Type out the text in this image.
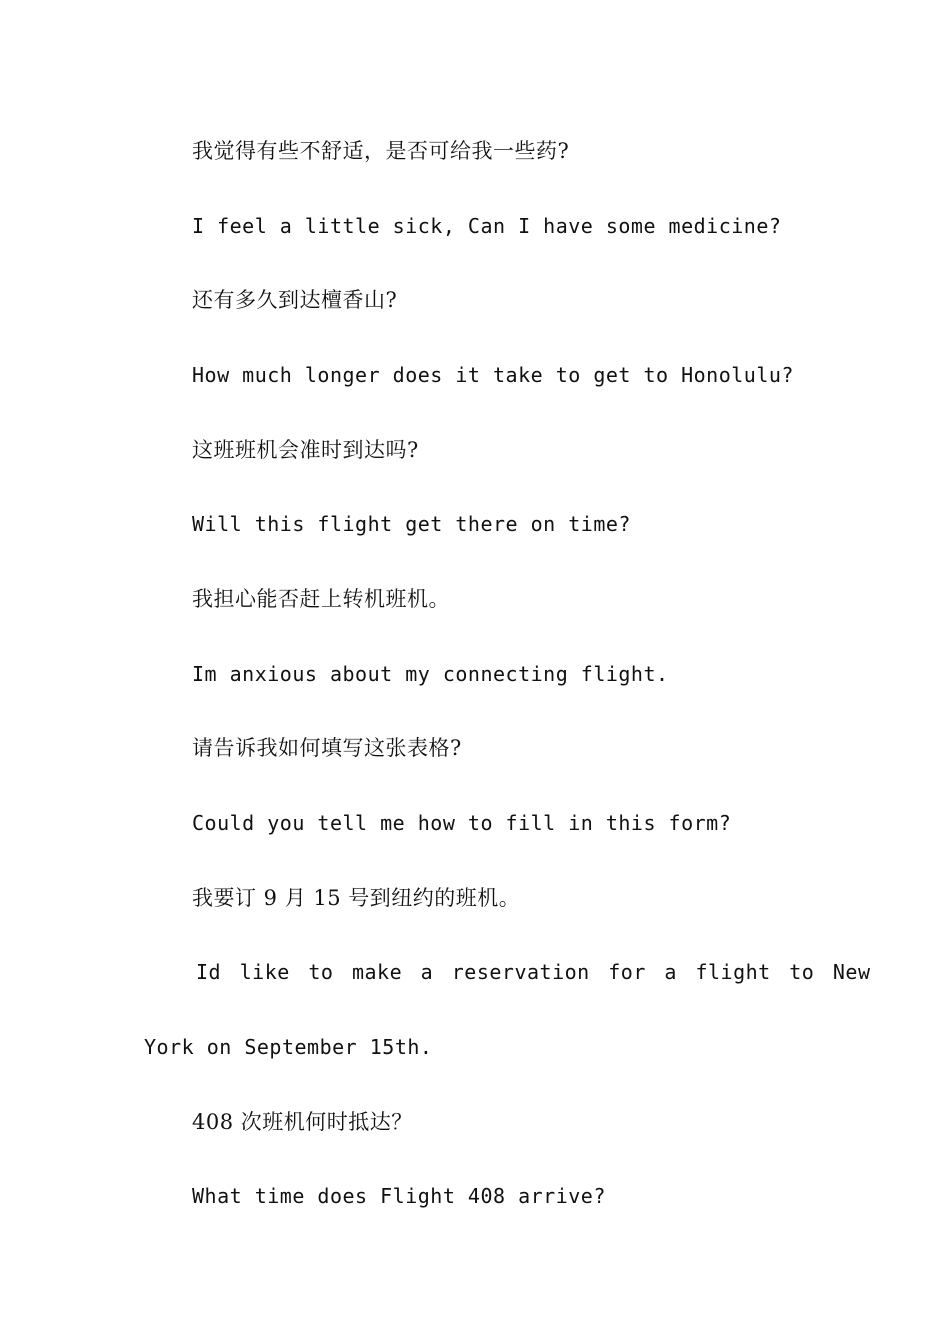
我觉得有些不舒适，是否可给我一些药?
I feel a little sick, Can I have some medicine?
还有多久到达檀香山?
How much longer does it take to get to Honolulu?
这班班机会准时到达吗?
Will this flight get there on time?
我担心能否赶上转机班机。
Im anxious about my connecting flight.
请告诉我如何填写这张表格?
Could you tell me how to fill in this form?
我要订 9 月 15 号到纽约的班机。
Id like to make a reservation for a flight to New
York on September 15th.
408 次班机何时抵达？
What time does Flight 408 arrive?
